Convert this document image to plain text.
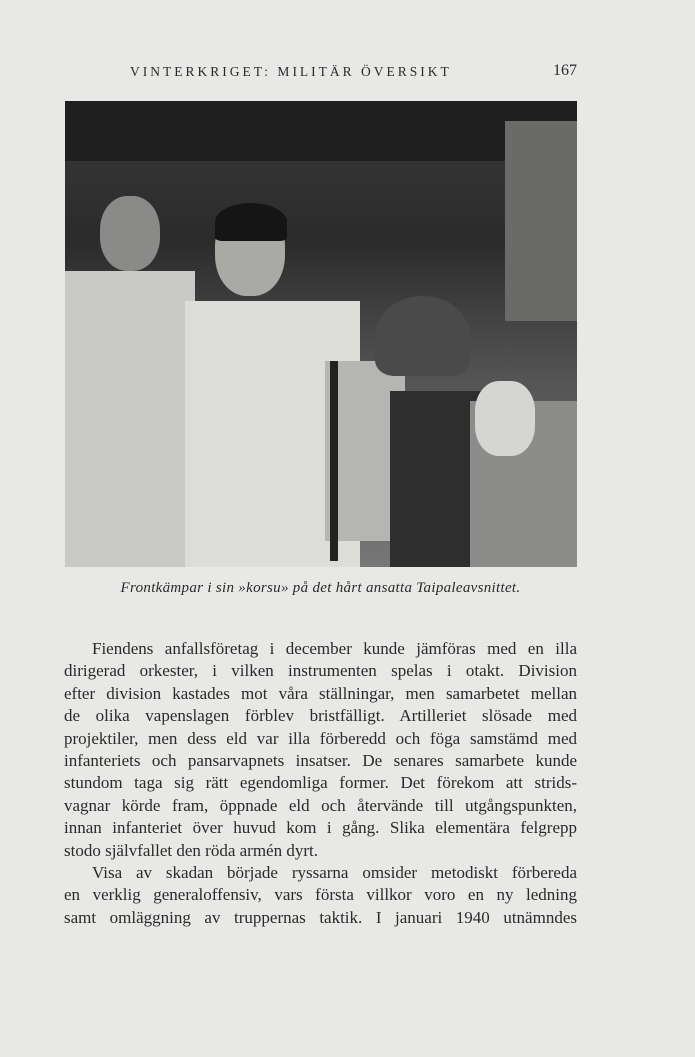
VINTERKRIGET: MILITÄR ÖVERSIKT	167
Frontkämpar i sin »korsu» på det hårt ansatta Taipaleavsnittet.
Fiendens anfallsföretag i december kunde jämföras med en illa
dirigerad orkester, i vilken instrumenten spelas i otakt. Division
efter division kastades mot våra ställningar, men samarbetet mellan
de olika vapenslagen förblev bristfälligt. Artilleriet slösade med
projektiler, men dess eld var illa förberedd och föga samstämd med
infanteriets och pansarvapnets insatser. De senares samarbete kunde
stundom taga sig rätt egendomliga former. Det förekom att strids-
vagnar körde fram, öppnade eld och återvände till utgångspunkten,
innan infanteriet över huvud kom i gång. Slika elementära felgrepp
stodo självfallet den röda armén dyrt.
Visa av skadan började ryssarna omsider metodiskt förbereda
en verklig generaloffensiv, vars första villkor voro en ny ledning
samt omläggning av truppernas taktik. I januari 1940 utnämndes
